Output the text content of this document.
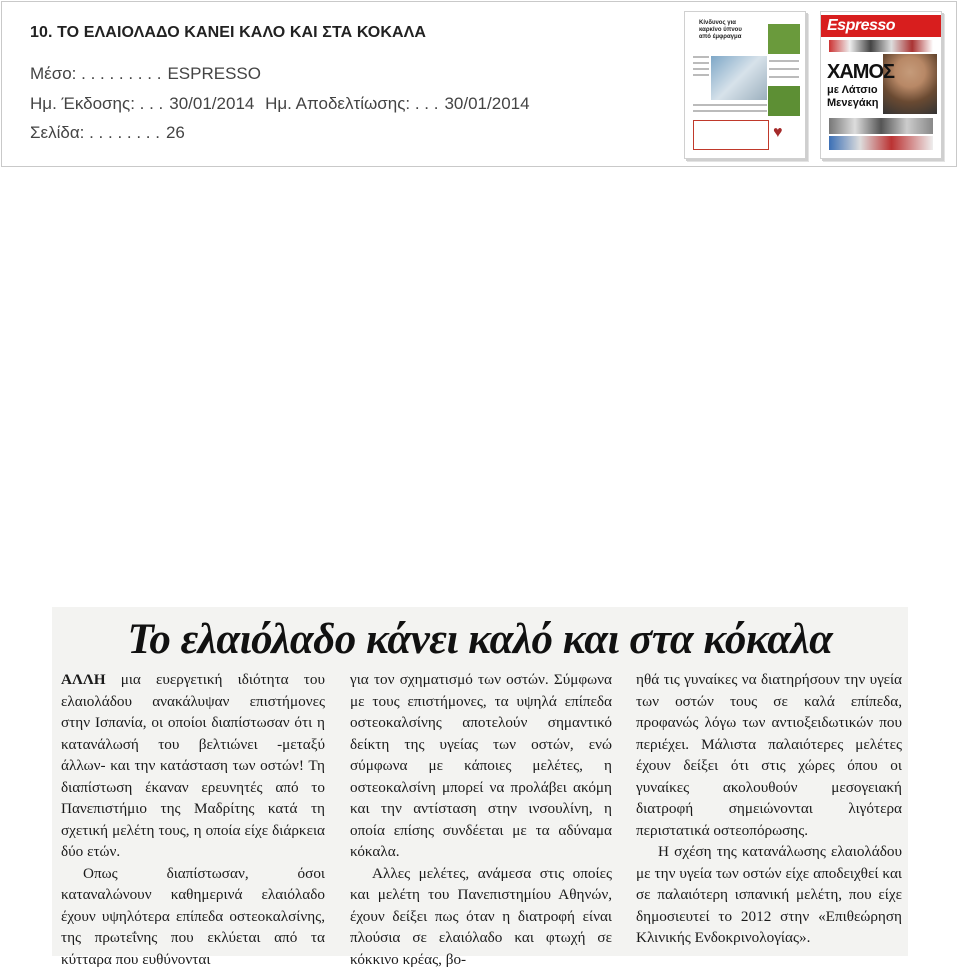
10. ΤΟ ΕΛΑΙΟΛΑΔΟ ΚΑΝΕΙ ΚΑΛΟ ΚΑΙ ΣΤΑ ΚΟΚΑΛΑ
Μέσο: . . . . . . . . . ESPRESSO
Ημ. Έκδοσης: . . . 30/01/2014 Ημ. Αποδελτίωσης: . . . 30/01/2014
Σελίδα: . . . . . . . . 26
Κίνδυνος για καρκίνο ύπνου από έμφραγμα
♥
Espresso
ΧΑΜΟΣ
με Λάτσιο Μενεγάκη
Το ελαιόλαδο κάνει καλό και στα κόκαλα

ΑΛΛΗ μια ευεργετική ιδιότητα του ελαιολάδου ανακάλυψαν επιστήμονες στην Ισπανία, οι οποίοι διαπίστωσαν ότι η κατανάλωσή του βελτιώνει -μεταξύ άλλων- και την κατάσταση των οστών! Τη διαπίστωση έκαναν ερευνητές από το Πανεπιστήμιο της Μαδρίτης κατά τη σχετική μελέτη τους, η οποία είχε διάρκεια δύο ετών.

Οπως διαπίστωσαν, όσοι καταναλώνουν καθημερινά ελαιόλαδο έχουν υψηλότερα επίπεδα οστεοκαλσίνης, της πρωτεΐνης που εκλύεται από τα κύτταρα που ευθύνονται

για τον σχηματισμό των οστών. Σύμφωνα με τους επιστήμονες, τα υψηλά επίπεδα οστεοκαλσίνης αποτελούν σημαντικό δείκτη της υγείας των οστών, ενώ σύμφωνα με κάποιες μελέτες, η οστεοκαλσίνη μπορεί να προλάβει ακόμη και την αντίσταση στην ινσουλίνη, η οποία επίσης συνδέεται με τα αδύναμα κόκαλα.

Αλλες μελέτες, ανάμεσα στις οποίες και μελέτη του Πανεπιστημίου Αθηνών, έχουν δείξει πως όταν η διατροφή είναι πλούσια σε ελαιόλαδο και φτωχή σε κόκκινο κρέας, βο-

ηθά τις γυναίκες να διατηρήσουν την υγεία των οστών τους σε καλά επίπεδα, προφανώς λόγω των αντιοξειδωτικών που περιέχει. Μάλιστα παλαιότερες μελέτες έχουν δείξει ότι στις χώρες όπου οι γυναίκες ακολουθούν μεσογειακή διατροφή σημειώνονται λιγότερα περιστατικά οστεοπόρωσης.

Η σχέση της κατανάλωσης ελαιολάδου με την υγεία των οστών είχε αποδειχθεί και σε παλαιότερη ισπανική μελέτη, που είχε δημοσιευτεί το 2012 στην «Επιθεώρηση Κλινικής Ενδοκρινολογίας».
